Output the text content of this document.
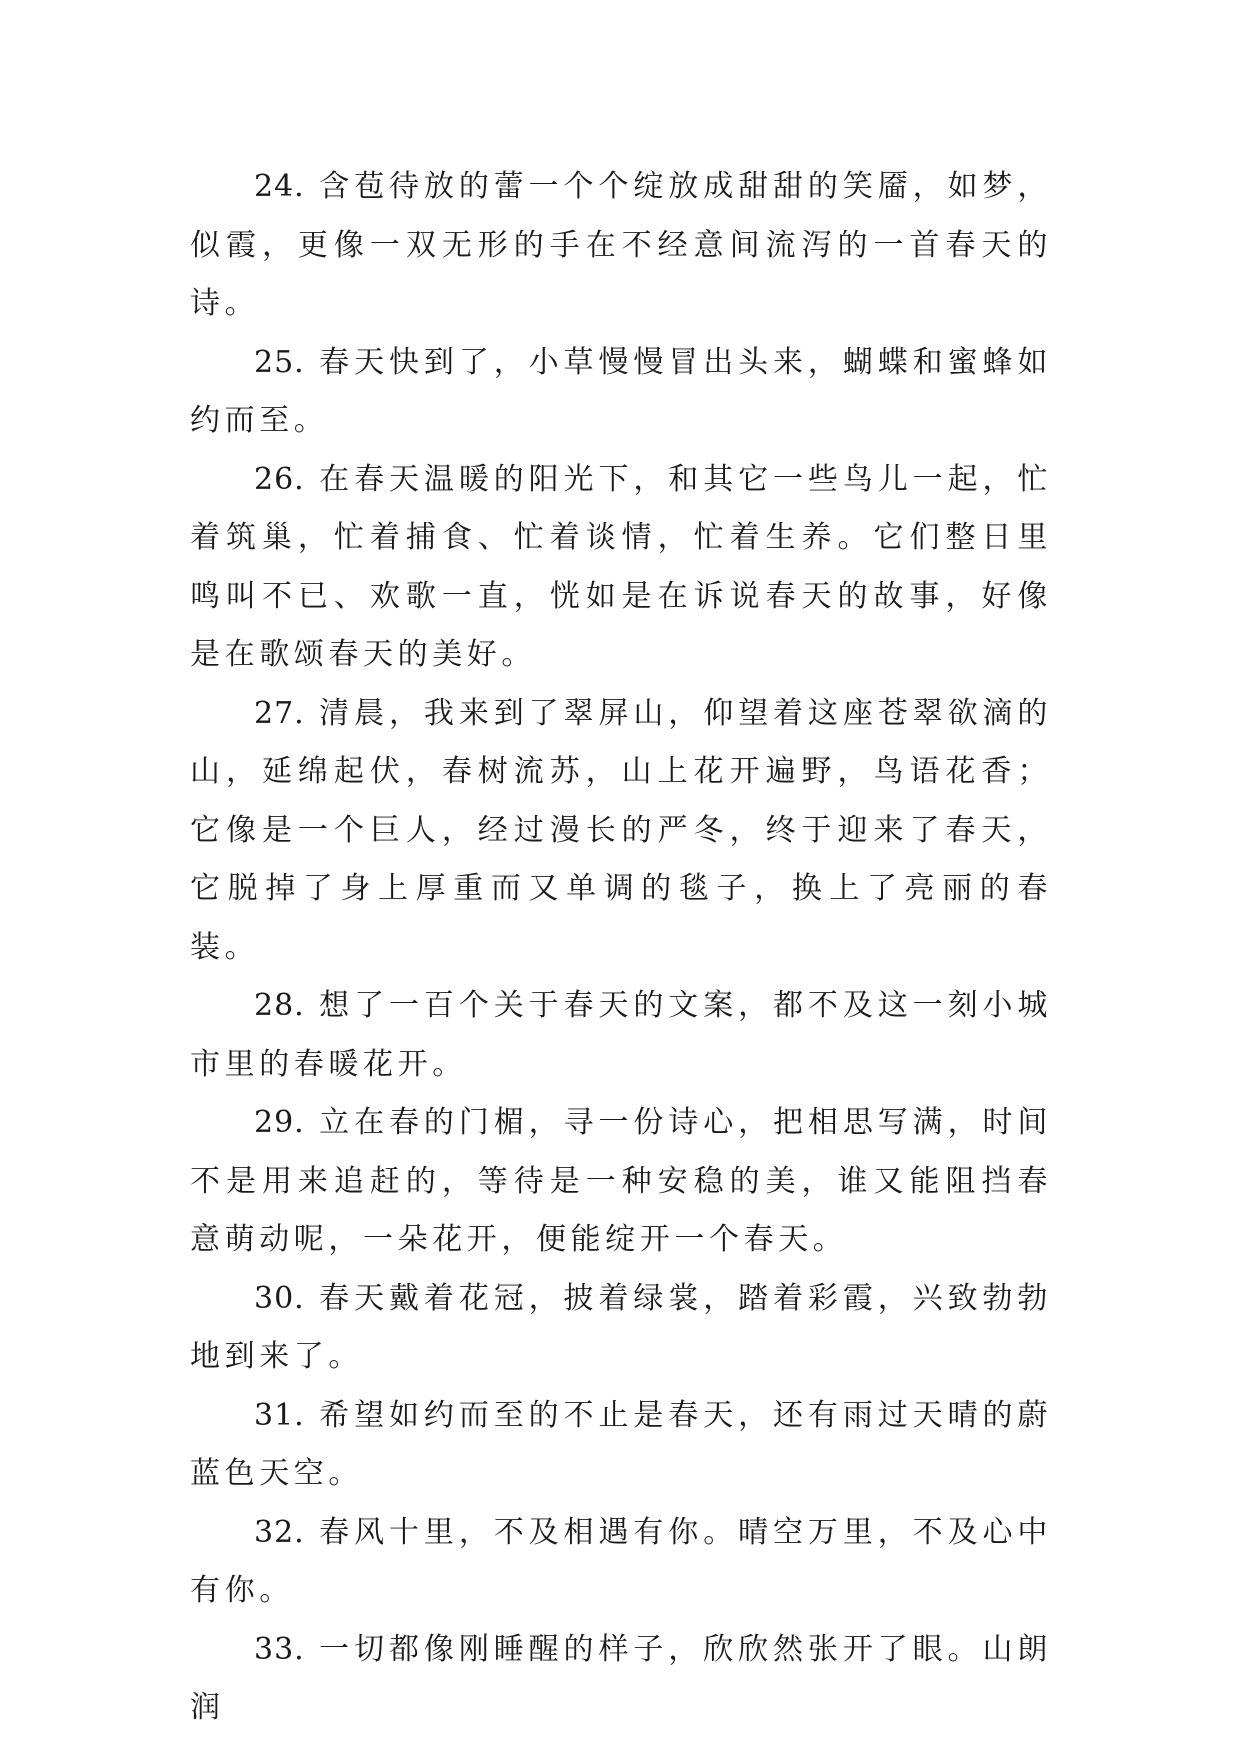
24. 含苞待放的蕾一个个绽放成甜甜的笑靥，如梦，似霞，更像一双无形的手在不经意间流泻的一首春天的诗。

25. 春天快到了，小草慢慢冒出头来，蝴蝶和蜜蜂如约而至。

26. 在春天温暖的阳光下，和其它一些鸟儿一起，忙着筑巢，忙着捕食、忙着谈情，忙着生养。它们整日里鸣叫不已、欢歌一直，恍如是在诉说春天的故事，好像是在歌颂春天的美好。

27. 清晨，我来到了翠屏山，仰望着这座苍翠欲滴的山，延绵起伏，春树流苏，山上花开遍野，鸟语花香；它像是一个巨人，经过漫长的严冬，终于迎来了春天，它脱掉了身上厚重而又单调的毯子，换上了亮丽的春装。

28. 想了一百个关于春天的文案，都不及这一刻小城市里的春暖花开。

29. 立在春的门楣，寻一份诗心，把相思写满，时间不是用来追赶的，等待是一种安稳的美，谁又能阻挡春意萌动呢，一朵花开，便能绽开一个春天。

30. 春天戴着花冠，披着绿裳，踏着彩霞，兴致勃勃地到来了。

31. 希望如约而至的不止是春天，还有雨过天晴的蔚蓝色天空。

32. 春风十里，不及相遇有你。晴空万里，不及心中有你。

33. 一切都像刚睡醒的样子，欣欣然张开了眼。山朗润
